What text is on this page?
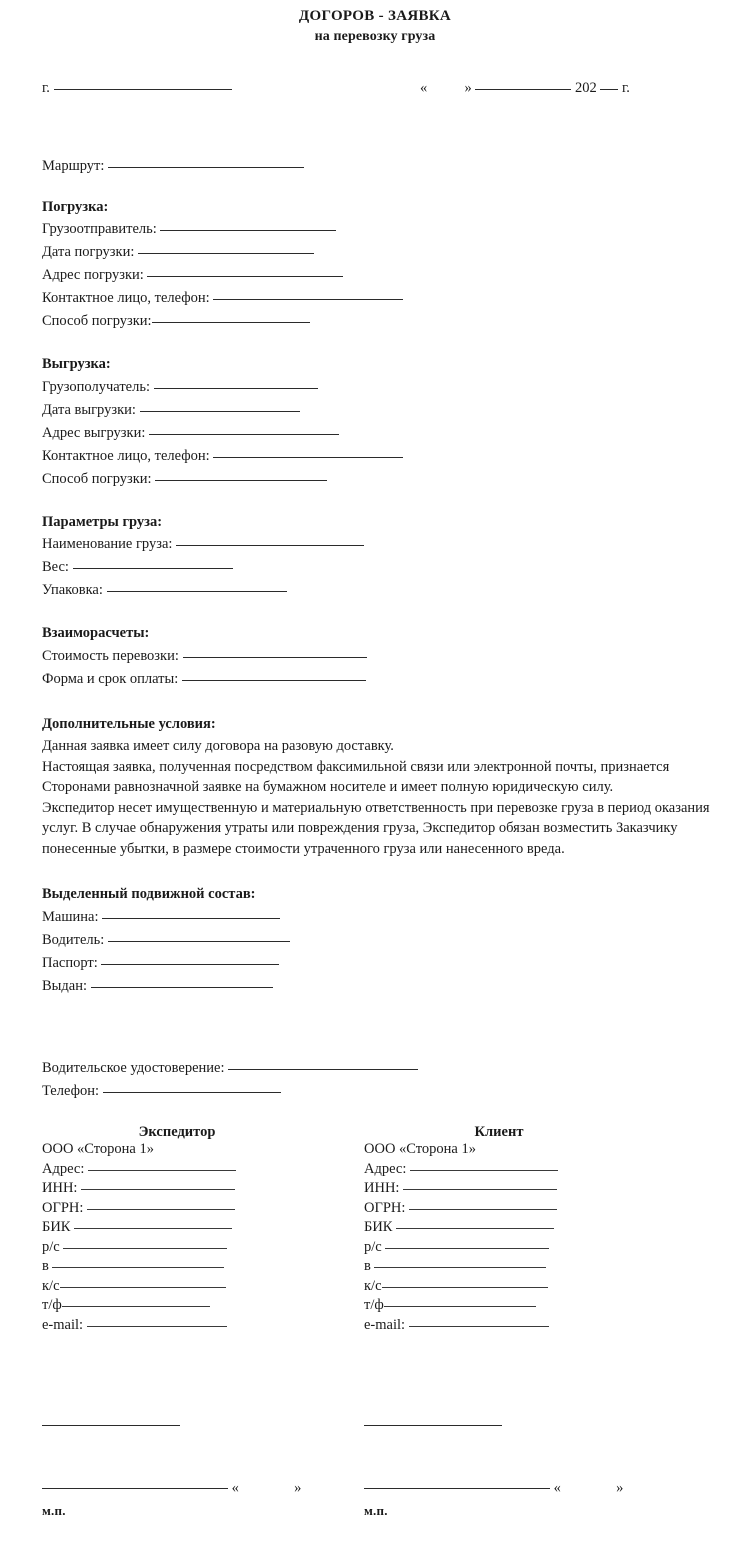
ДОГОРОВ - ЗАЯВКА
на перевозку груза
г.	«	»	202 г.
Маршрут:
Погрузка:
Грузоотправитель:
Дата погрузки:
Адрес погрузки:
Контактное лицо, телефон:
Способ погрузки:
Выгрузка:
Грузополучатель:
Дата выгрузки:
Адрес выгрузки:
Контактное лицо, телефон:
Способ погрузки:
Параметры груза:
Наименование груза:
Вес:
Упаковка:
Взаиморасчеты:
Стоимость перевозки:
Форма и срок оплаты:
Дополнительные условия:
Данная заявка имеет силу договора на разовую доставку.
Настоящая заявка, полученная посредством факсимильной связи или электронной почты, признается Сторонами равнозначной заявке на бумажном носителе и имеет полную юридическую силу.
Экспедитор несет имущественную и материальную ответственность при перевозке груза в период оказания услуг. В случае обнаружения утраты или повреждения груза, Экспедитор обязан возместить Заказчику понесенные убытки, в размере стоимости утраченного груза или нанесенного вреда.
Выделенный подвижной состав:
Машина:
Водитель:
Паспорт:
Выдан:
Водительское удостоверение:
Телефон:
Экспедитор
ООО «Сторона 1»
Адрес:
ИНН:
ОГРН:
БИК
р/с
в
к/с
т/ф
e-mail:
Клиент
ООО «Сторона 1»
Адрес:
ИНН:
ОГРН:
БИК
р/с
в
к/с
т/ф
e-mail:
«	»
м.п.
«	»
м.п.
